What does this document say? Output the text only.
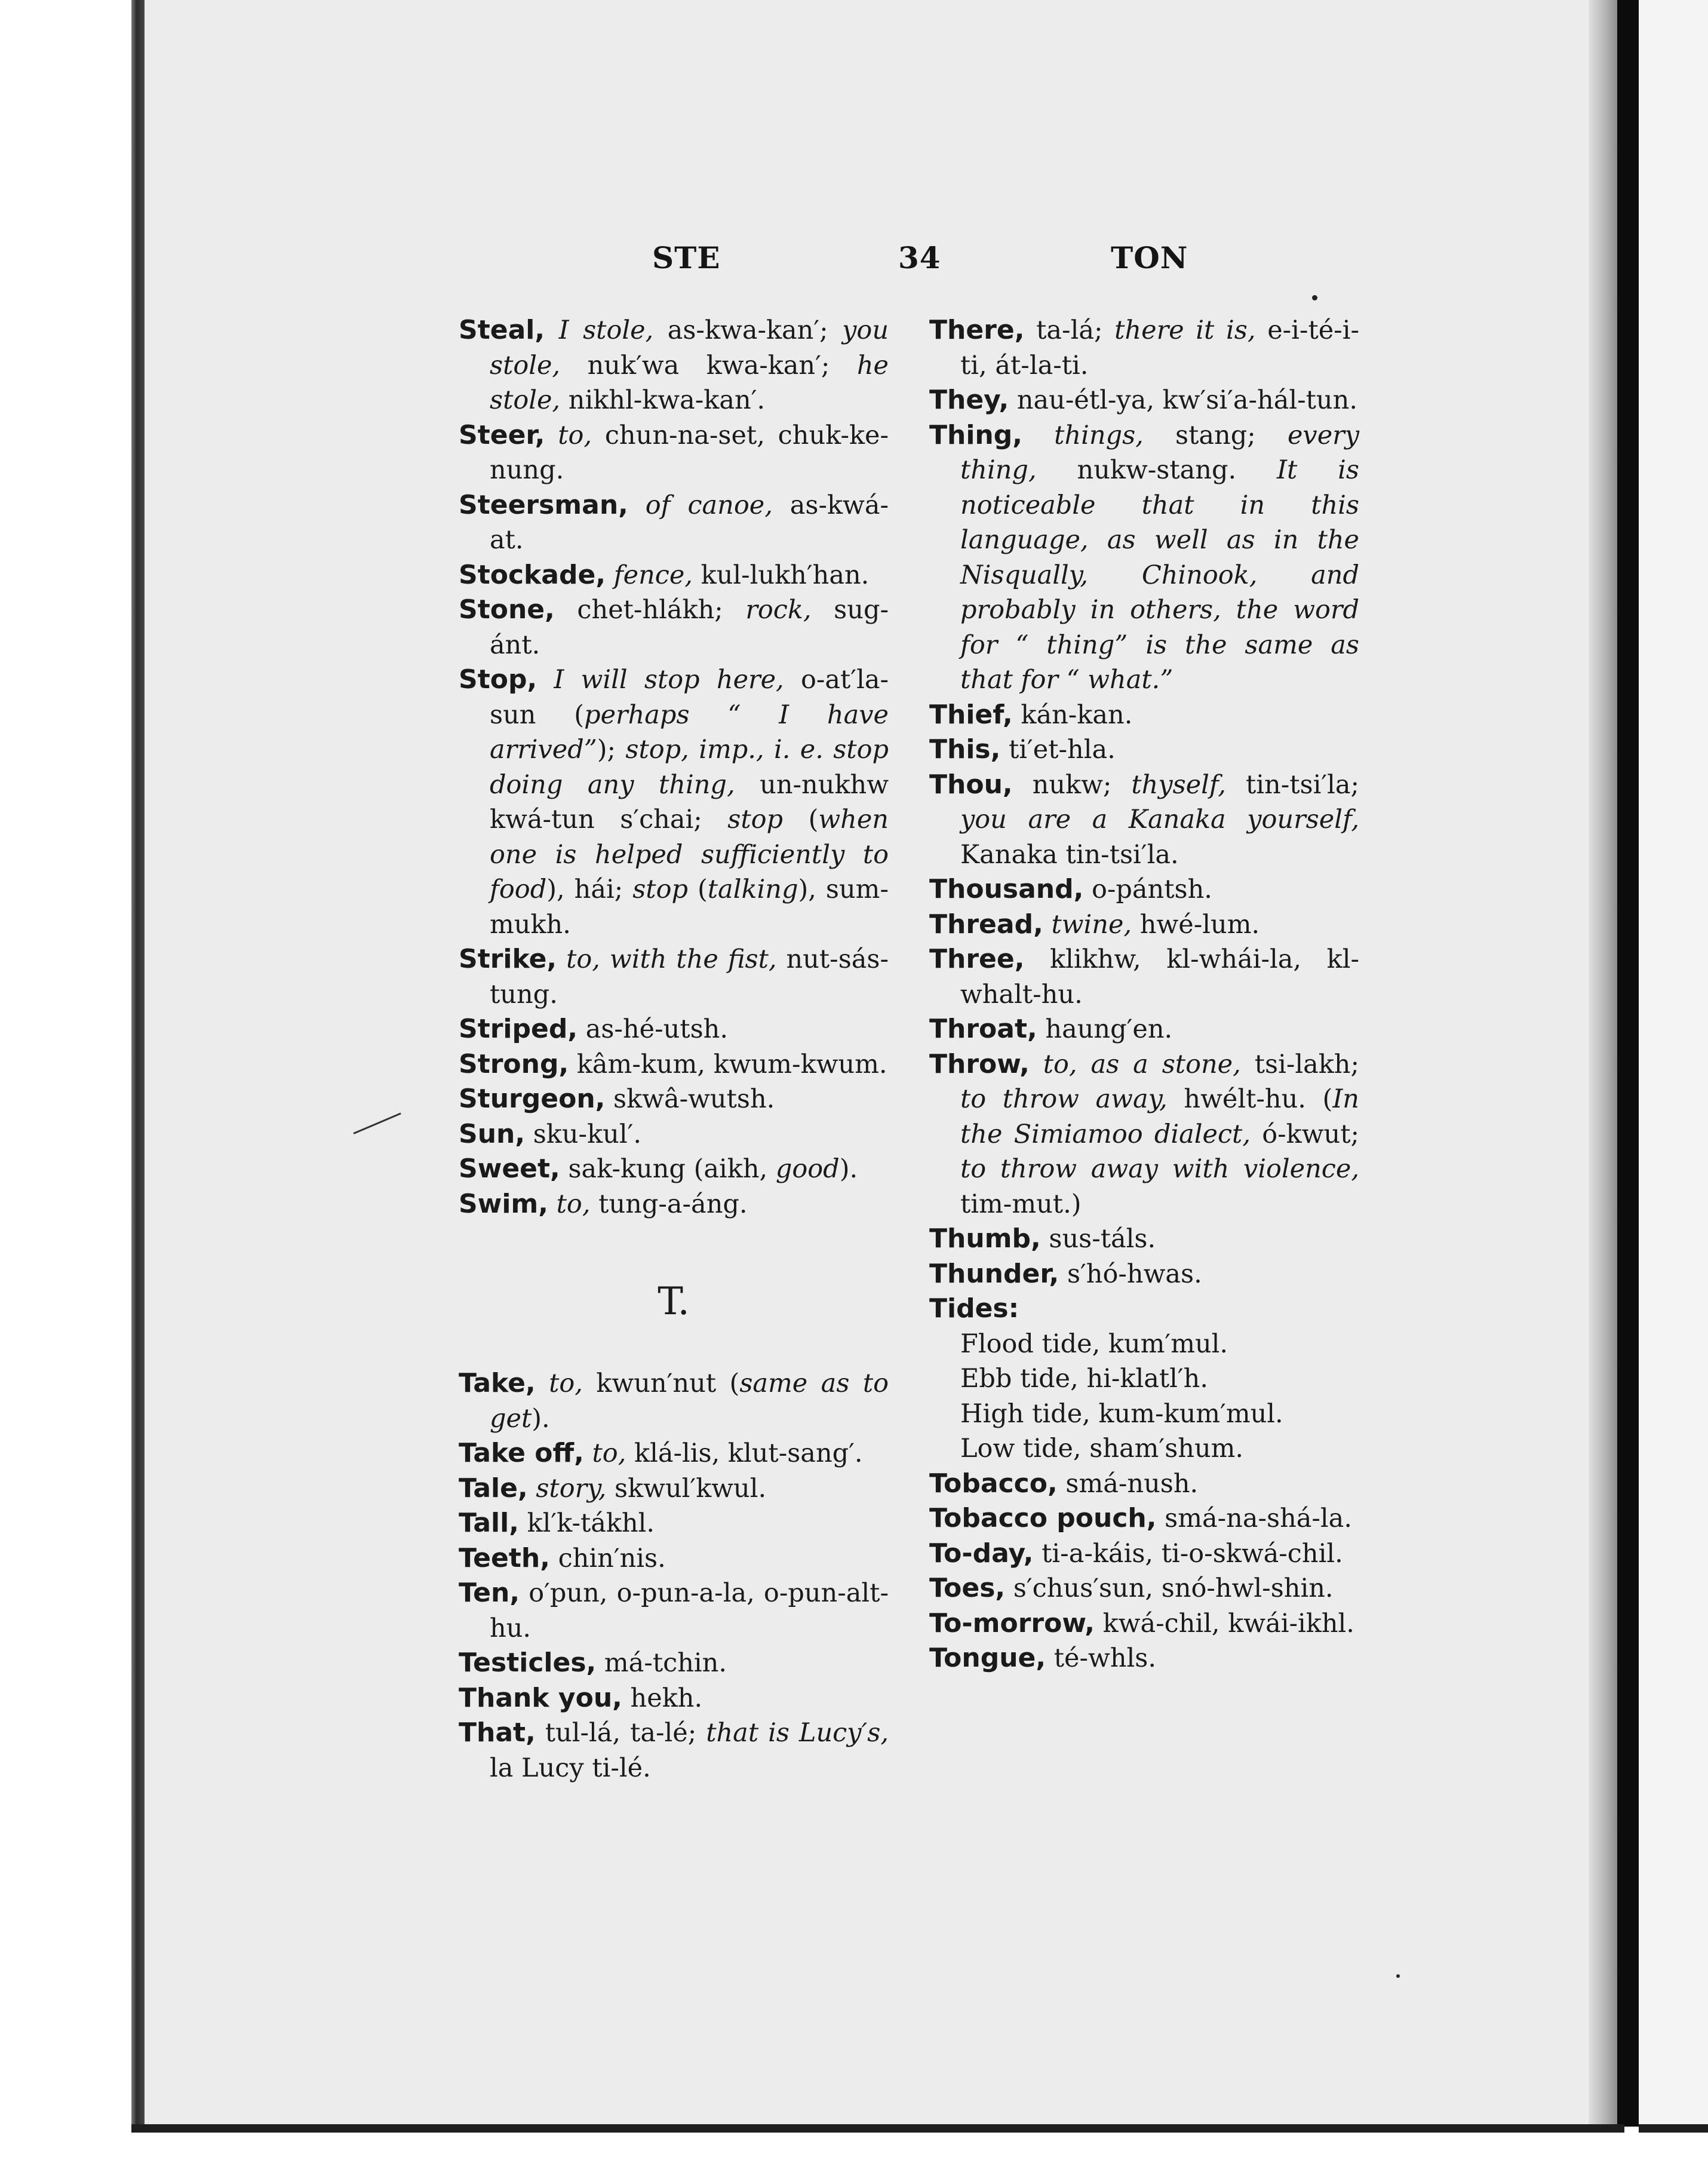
STE	34	TON
Steal, I stole, as-kwa-kan′; you stole, nuk′wa kwa-kan′; he stole, nikhl-kwa-kan′.
Steer, to, chun-na-set, chuk-ke-nung.
Steersman, of canoe, as-kwá-at.
Stockade, fence, kul-lukh′han.
Stone, chet-hlákh; rock, sug-ánt.
Stop, I will stop here, o-at′la-sun (perhaps “ I have arrived”); stop, imp., i. e. stop doing any thing, un-nukhw kwá-tun s′chai; stop (when one is helped sufficiently to food), hái; stop (talking), sum-mukh.
Strike, to, with the fist, nut-sás-tung.
Striped, as-hé-utsh.
Strong, kâm-kum, kwum-kwum.
Sturgeon, skwâ-wutsh.
Sun, sku-kul′.
Sweet, sak-kung (aikh, good).
Swim, to, tung-a-áng.
T.
Take, to, kwun′nut (same as to get).
Take off, to, klá-lis, klut-sang′.
Tale, story, skwul′kwul.
Tall, kl′k-tákhl.
Teeth, chin′nis.
Ten, o′pun, o-pun-a-la, o-pun-alt-hu.
Testicles, má-tchin.
Thank you, hekh.
That, tul-lá, ta-lé; that is Lucy′s, la Lucy ti-lé.
There, ta-lá; there it is, e-i-té-i-ti, át-la-ti.
They, nau-étl-ya, kw′si′a-hál-tun.
Thing, things, stang; every thing, nukw-stang. It is noticeable that in this language, as well as in the Nisqually, Chinook, and probably in others, the word for “ thing” is the same as that for “ what.”
Thief, kán-kan.
This, ti′et-hla.
Thou, nukw; thyself, tin-tsi′la; you are a Kanaka yourself, Kanaka tin-tsi′la.
Thousand, o-pántsh.
Thread, twine, hwé-lum.
Three, klikhw, kl-whái-la, kl-whalt-hu.
Throat, haung′en.
Throw, to, as a stone, tsi-lakh; to throw away, hwélt-hu. (In the Simiamoo dialect, ó-kwut; to throw away with violence, tim-mut.)
Thumb, sus-táls.
Thunder, s′hó-hwas.
Tides:
Flood tide, kum′mul.
Ebb tide, hi-klatl′h.
High tide, kum-kum′mul.
Low tide, sham′shum.
Tobacco, smá-nush.
Tobacco pouch, smá-na-shá-la.
To-day, ti-a-káis, ti-o-skwá-chil.
Toes, s′chus′sun, snó-hwl-shin.
To-morrow, kwá-chil, kwái-ikhl.
Tongue, té-whls.
